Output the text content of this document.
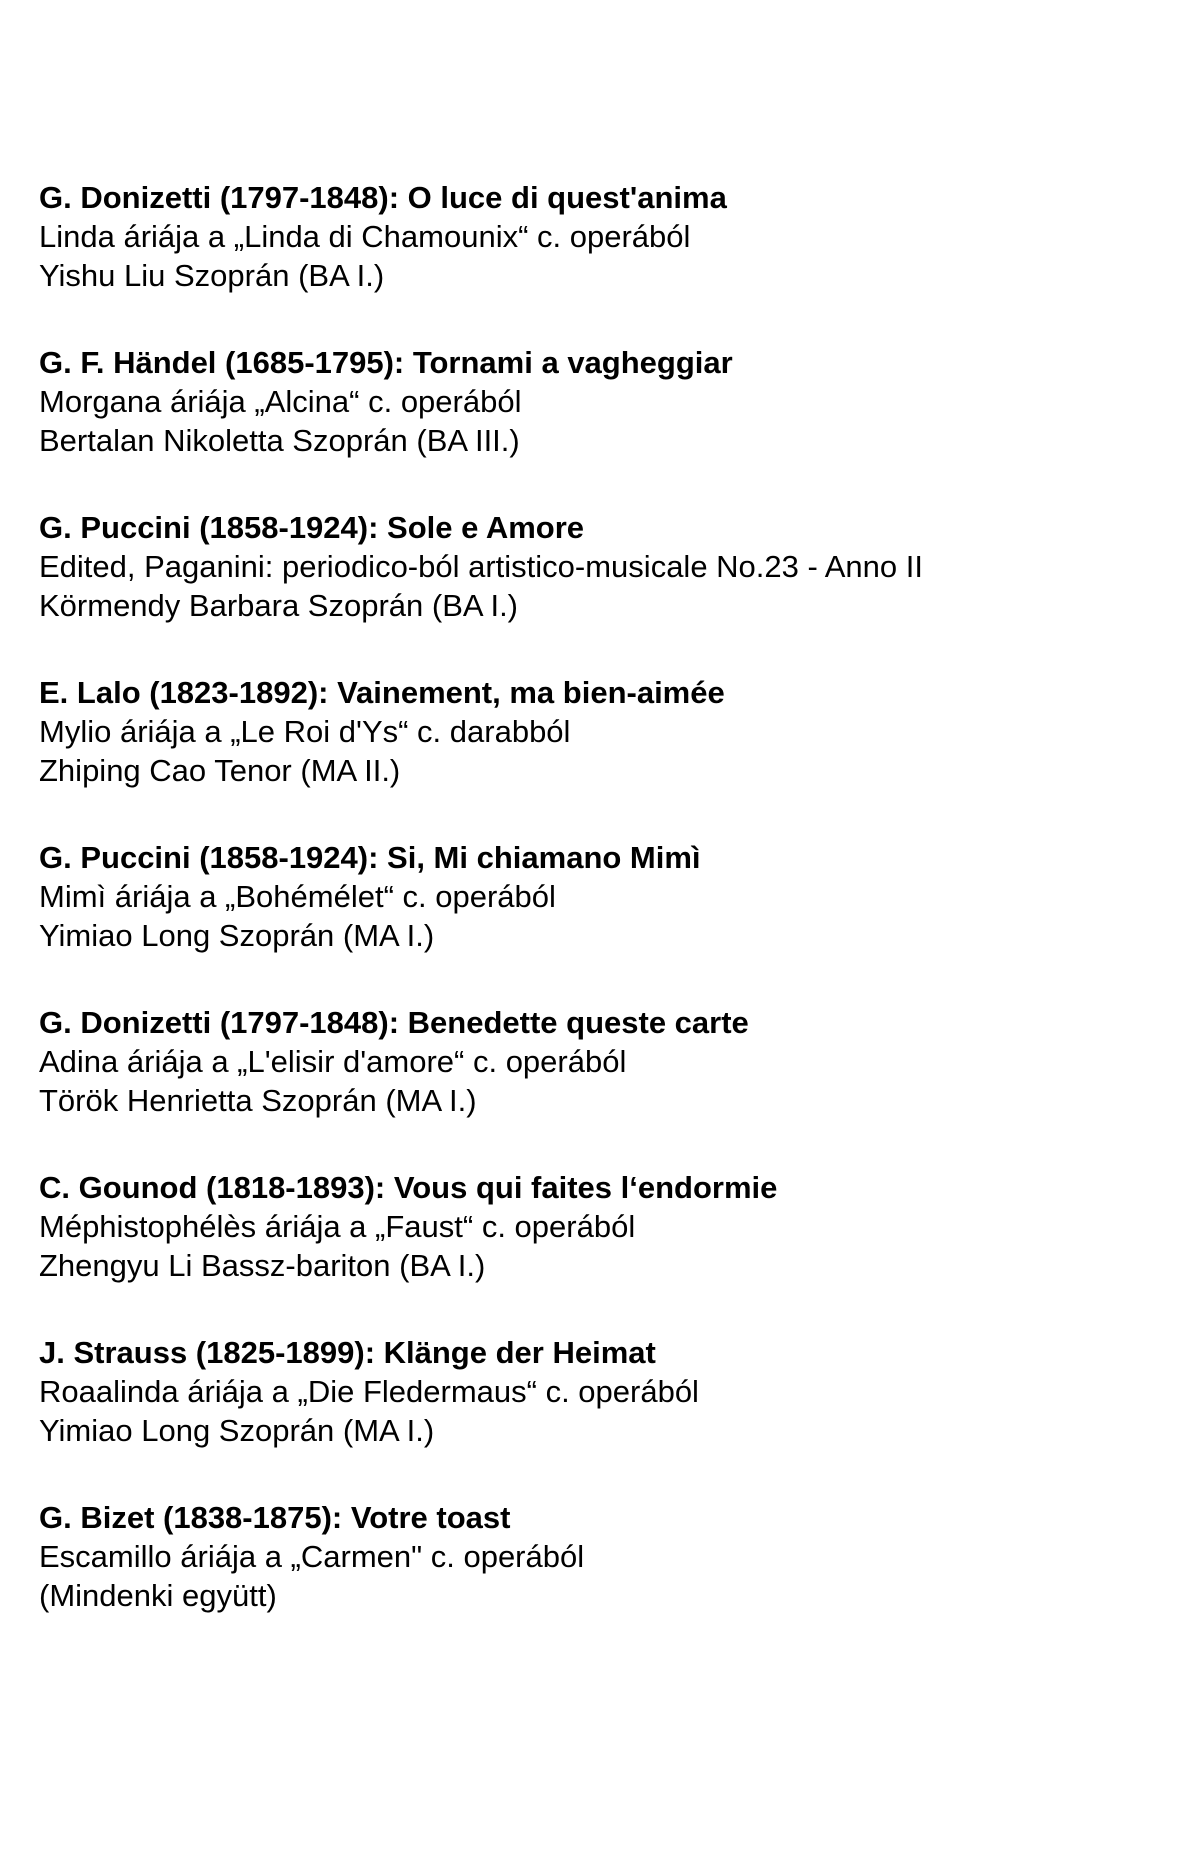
G. Donizetti (1797-1848): O luce di quest'anima
Linda áriája a „Linda di Chamounix“ c. operából
Yishu Liu Szoprán (BA I.)
G. F. Händel (1685-1795): Tornami a vagheggiar
Morgana áriája „Alcina“ c. operából
Bertalan Nikoletta Szoprán (BA III.)
G. Puccini (1858-1924): Sole e Amore
Edited, Paganini: periodico-ból artistico-musicale No.23 - Anno II
Körmendy Barbara Szoprán (BA I.)
E. Lalo (1823-1892): Vainement, ma bien-aimée
Mylio áriája a „Le Roi d'Ys“ c. darabból
Zhiping Cao Tenor (MA II.)
G. Puccini (1858-1924): Si, Mi chiamano Mimì
Mimì áriája a „Bohémélet“ c. operából
Yimiao Long Szoprán (MA I.)
G. Donizetti (1797-1848): Benedette queste carte
Adina áriája a „L'elisir d'amore“ c. operából
Török Henrietta Szoprán (MA I.)
C. Gounod (1818-1893): Vous qui faites l‘endormie
Méphistophélès áriája a „Faust“ c. operából
Zhengyu Li Bassz-bariton (BA I.)
J. Strauss (1825-1899): Klänge der Heimat
Roaalinda áriája a „Die Fledermaus“ c. operából
Yimiao Long Szoprán (MA I.)
G. Bizet (1838-1875): Votre toast
Escamillo áriája a „Carmen" c. operából
(Mindenki együtt)
